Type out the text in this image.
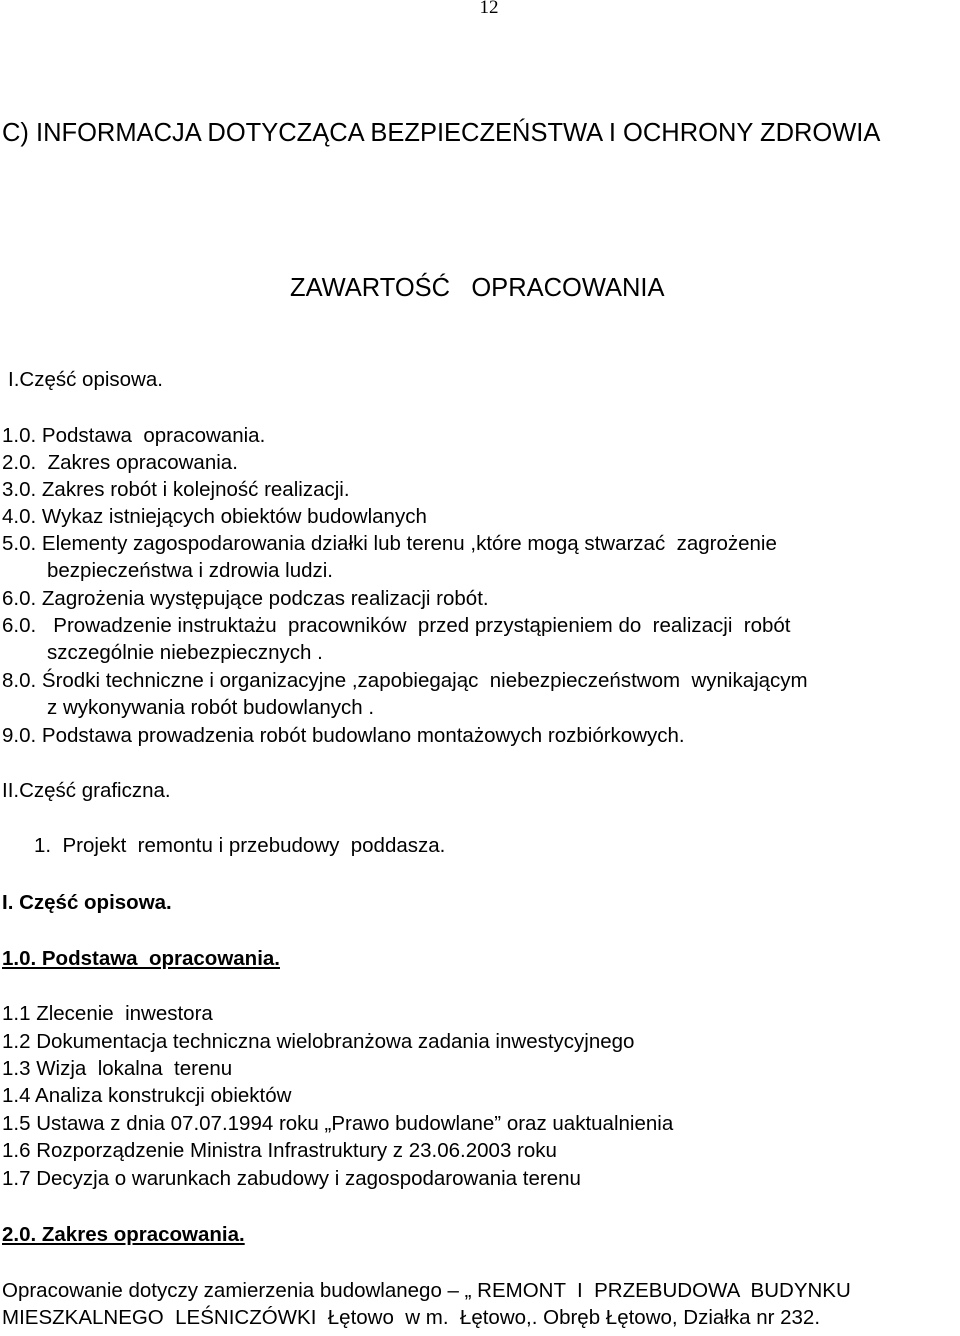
12
C) INFORMACJA DOTYCZĄCA BEZPIECZEŃSTWA I OCHRONY ZDROWIA
ZAWARTOŚĆ   OPRACOWANIA
I.Część opisowa.
1.0. Podstawa  opracowania.
2.0.  Zakres opracowania.
3.0. Zakres robót i kolejność realizacji.
4.0. Wykaz istniejących obiektów budowlanych
5.0. Elementy zagospodarowania działki lub terenu ,które mogą stwarzać  zagrożenie
bezpieczeństwa i zdrowia ludzi.
6.0. Zagrożenia występujące podczas realizacji robót.
6.0.   Prowadzenie instruktażu  pracowników  przed przystąpieniem do  realizacji  robót
szczególnie niebezpiecznych .
8.0. Środki techniczne i organizacyjne ,zapobiegając  niebezpieczeństwom  wynikającym
z wykonywania robót budowlanych .
9.0. Podstawa prowadzenia robót budowlano montażowych rozbiórkowych.
II.Część graficzna.
1.  Projekt  remontu i przebudowy  poddasza.
I. Część opisowa.
1.0. Podstawa  opracowania.
1.1 Zlecenie  inwestora
1.2 Dokumentacja techniczna wielobranżowa zadania inwestycyjnego
1.3 Wizja  lokalna  terenu
1.4 Analiza konstrukcji obiektów
1.5 Ustawa z dnia 07.07.1994 roku „Prawo budowlane” oraz uaktualnienia
1.6 Rozporządzenie Ministra Infrastruktury z 23.06.2003 roku
1.7 Decyzja o warunkach zabudowy i zagospodarowania terenu
2.0. Zakres opracowania.
Opracowanie dotyczy zamierzenia budowlanego – „ REMONT  I  PRZEBUDOWA  BUDYNKU
MIESZKALNEGO  LEŚNICZÓWKI  Łętowo  w m.  Łętowo,. Obręb Łętowo, Działka nr 232.
